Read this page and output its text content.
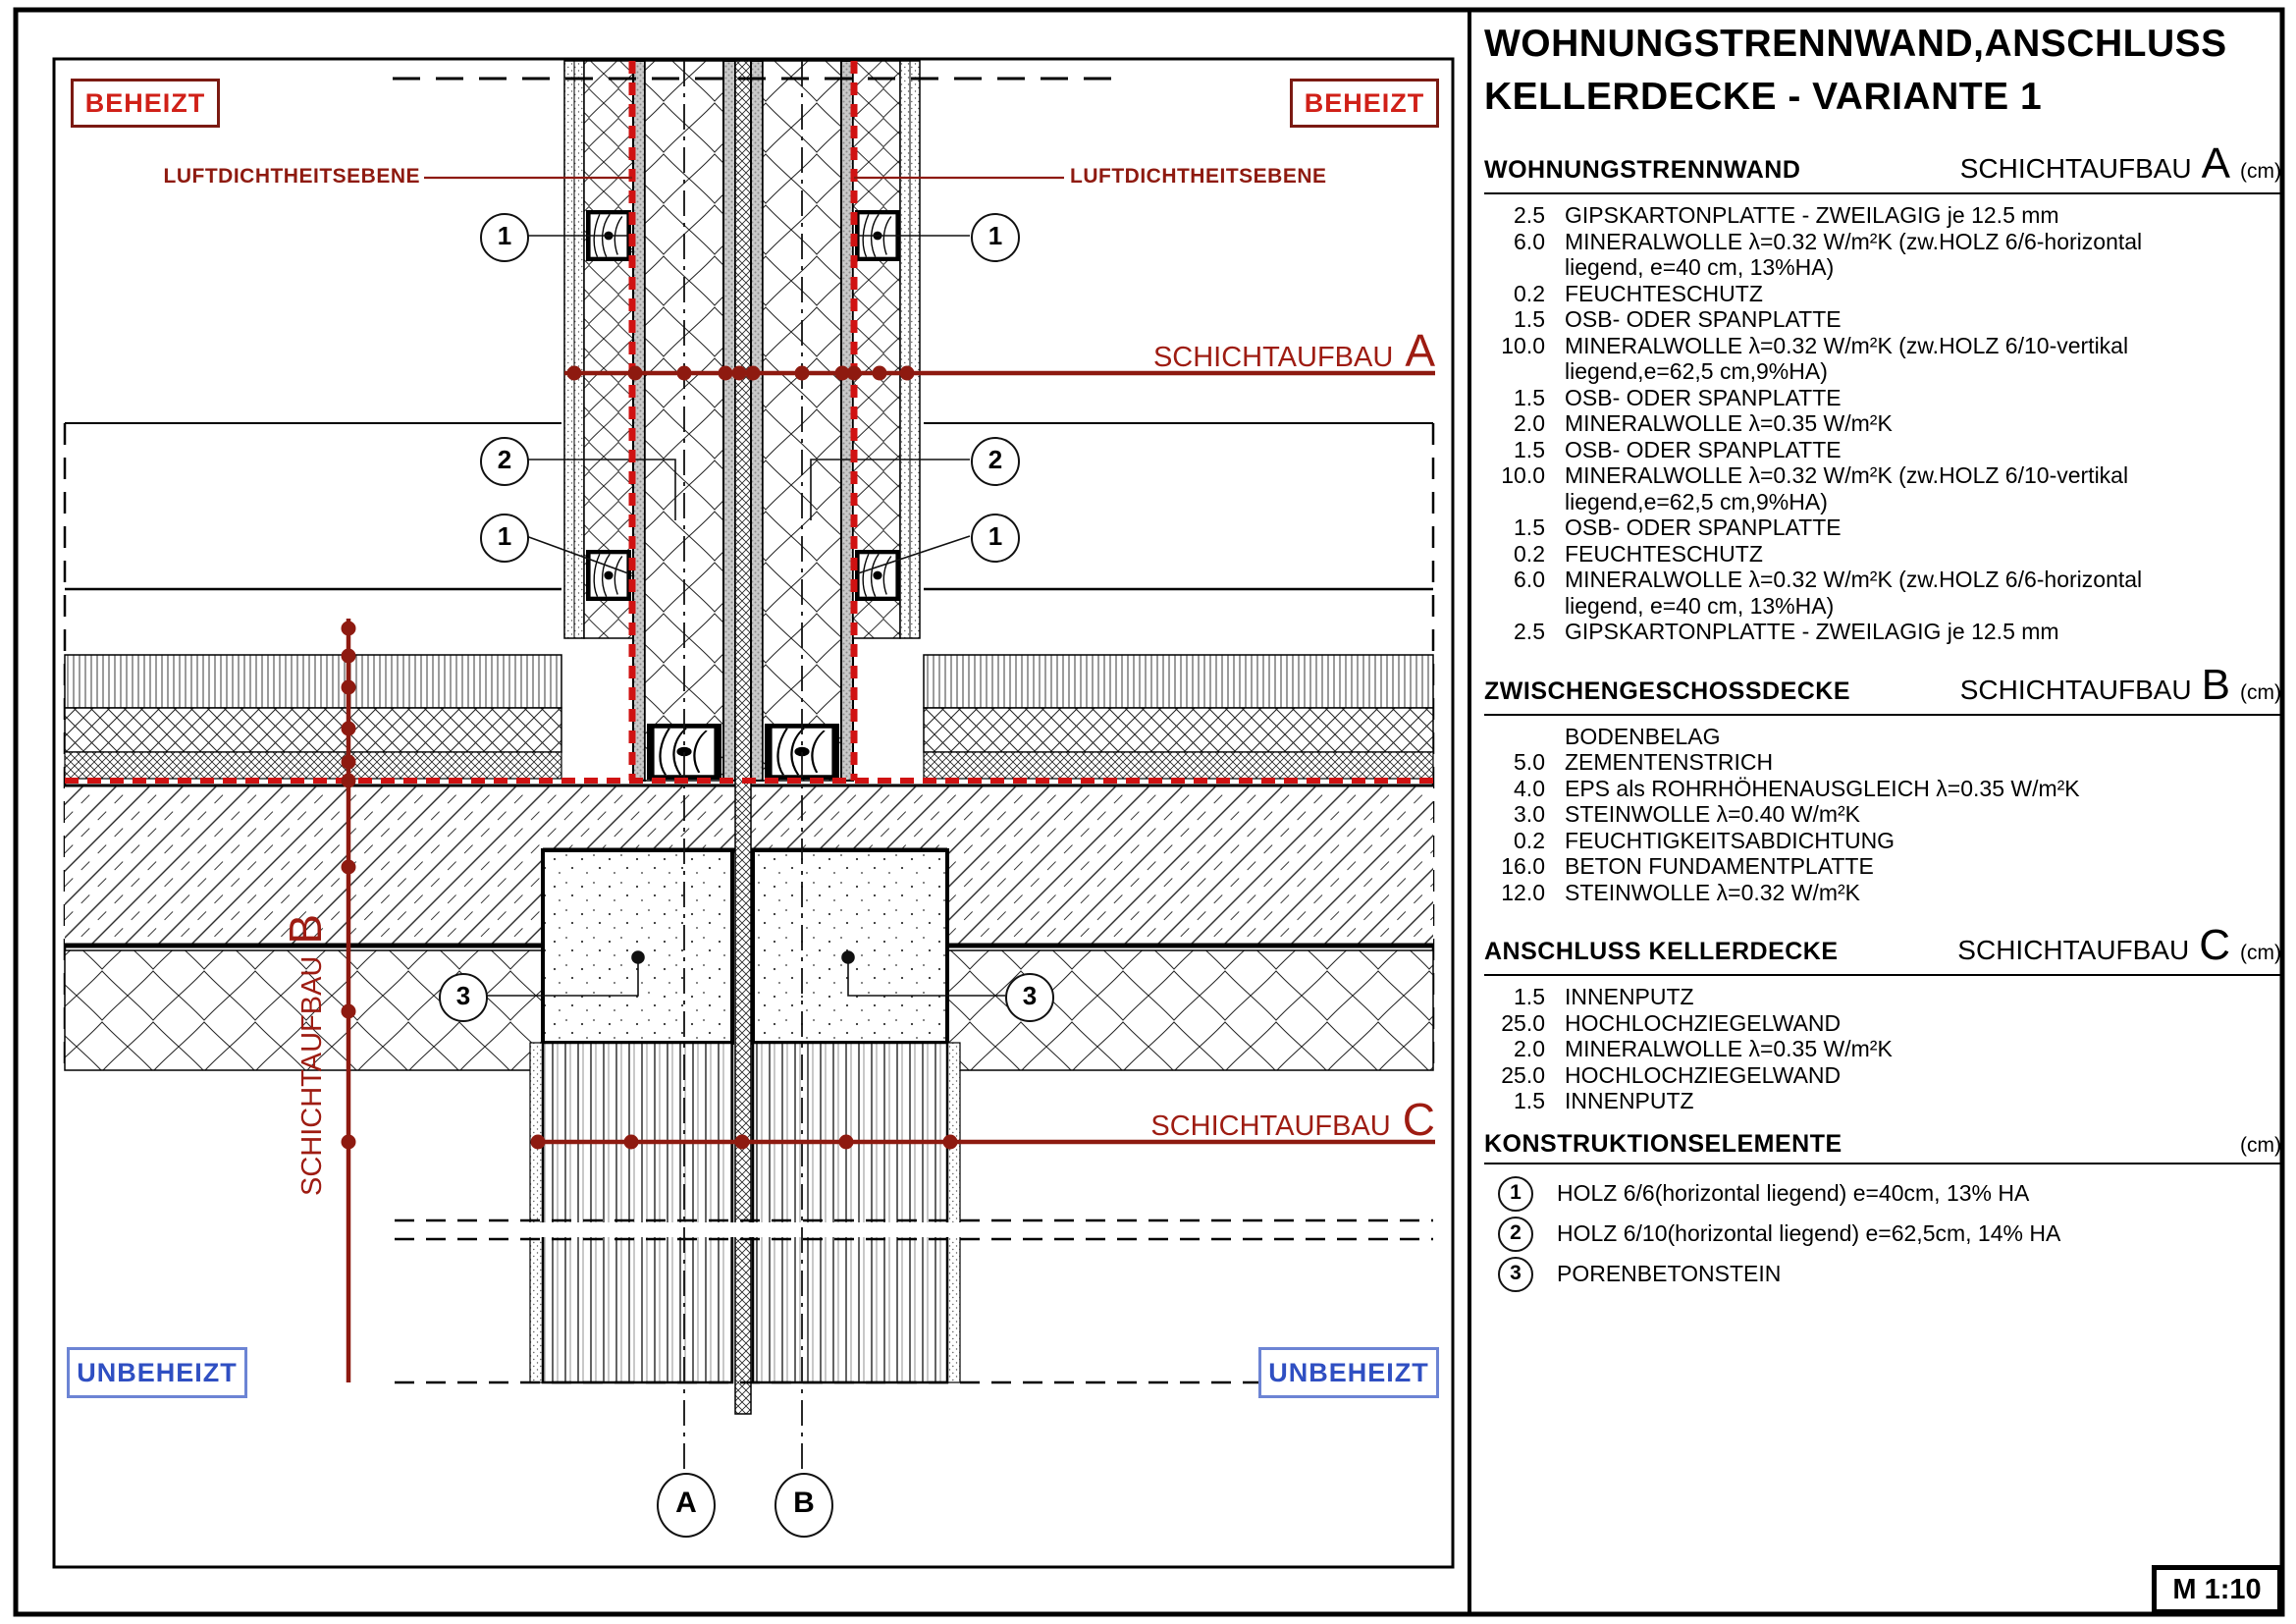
BEHEIZT	BEHEIZT
UNBEHEIZT	UNBEHEIZT
LUFTDICHTHEITSEBENE	LUFTDICHTHEITSEBENE
SCHICHTAUFBAU A
SCHICHTAUFBAU
B
SCHICHTAUFBAU C
1	1
2	2
1	1
3	3
A	B
WOHNUNGSTRENNWAND,ANSCHLUSS
KELLERDECKE - VARIANTE 1
WOHNUNGSTRENNWAND	SCHICHTAUFBAU A (cm)
2.5 GIPSKARTONPLATTE - ZWEILAGIG je 12.5 mm
6.0 MINERALWOLLE λ=0.32 W/m²K (zw.HOLZ 6/6-horizontal liegend, e=40 cm, 13%HA)
0.2 FEUCHTESCHUTZ
1.5 OSB- ODER SPANPLATTE
10.0 MINERALWOLLE λ=0.32 W/m²K (zw.HOLZ 6/10-vertikal liegend,e=62,5 cm,9%HA)
1.5 OSB- ODER SPANPLATTE
2.0 MINERALWOLLE λ=0.35 W/m²K
1.5 OSB- ODER SPANPLATTE
10.0 MINERALWOLLE λ=0.32 W/m²K (zw.HOLZ 6/10-vertikal liegend,e=62,5 cm,9%HA)
1.5 OSB- ODER SPANPLATTE
0.2 FEUCHTESCHUTZ
6.0 MINERALWOLLE λ=0.32 W/m²K (zw.HOLZ 6/6-horizontal liegend, e=40 cm, 13%HA)
2.5 GIPSKARTONPLATTE - ZWEILAGIG je 12.5 mm
ZWISCHENGESCHOSSDECKE	SCHICHTAUFBAU B (cm)
BODENBELAG
5.0 ZEMENTENSTRICH
4.0 EPS als ROHRHÖHENAUSGLEICH λ=0.35 W/m²K
3.0 STEINWOLLE λ=0.40 W/m²K
0.2 FEUCHTIGKEITSABDICHTUNG
16.0 BETON FUNDAMENTPLATTE
12.0 STEINWOLLE λ=0.32 W/m²K
ANSCHLUSS KELLERDECKE	SCHICHTAUFBAU C (cm)
1.5 INNENPUTZ
25.0 HOCHLOCHZIEGELWAND
2.0 MINERALWOLLE λ=0.35 W/m²K
25.0 HOCHLOCHZIEGELWAND
1.5 INNENPUTZ
KONSTRUKTIONSELEMENTE	(cm)
1	HOLZ 6/6(horizontal liegend) e=40cm, 13% HA
2	HOLZ 6/10(horizontal liegend) e=62,5cm, 14% HA
3	PORENBETONSTEIN
M 1:10
